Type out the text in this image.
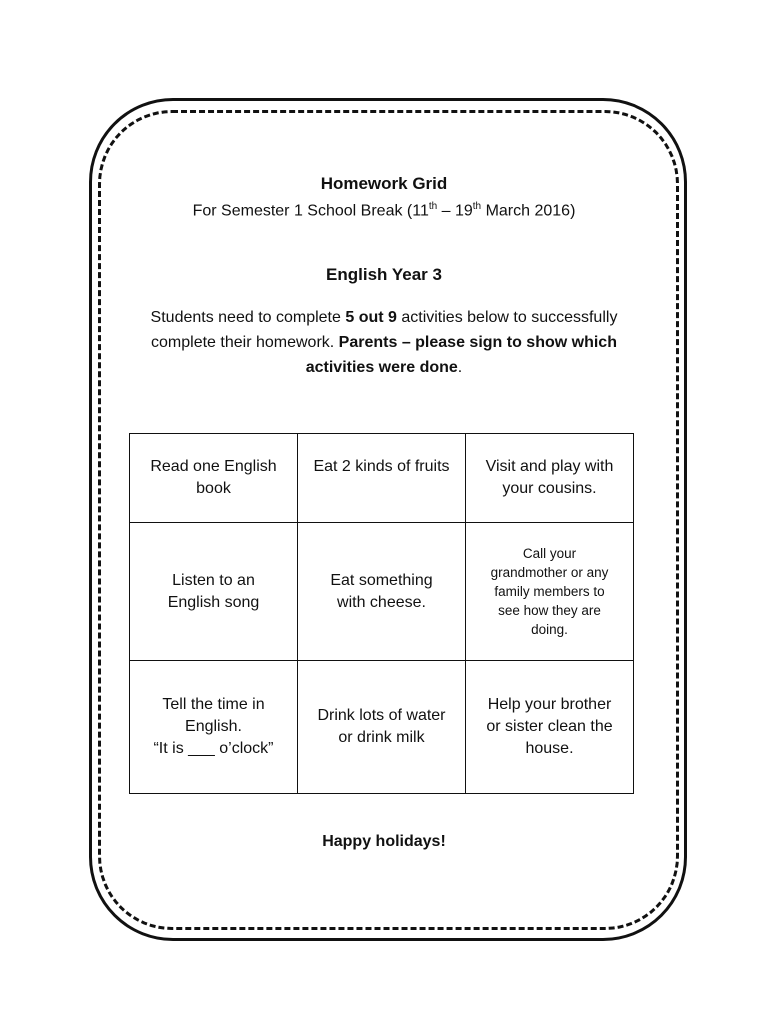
Homework Grid
For Semester 1 School Break (11th – 19th March 2016)
English Year 3
Students need to complete 5 out 9 activities below to successfully complete their homework. Parents – please sign to show which activities were done.
Read one English
book	Eat 2 kinds of fruits	Visit and play with
your cousins.

Listen to an
English song	Eat something
with cheese.	Call your
grandmother or any
family members to
see how they are
doing.

Tell the time in
English.
“It is ___ o’clock”	Drink lots of water
or drink milk	Help your brother
or sister clean the
house.
Happy holidays!
